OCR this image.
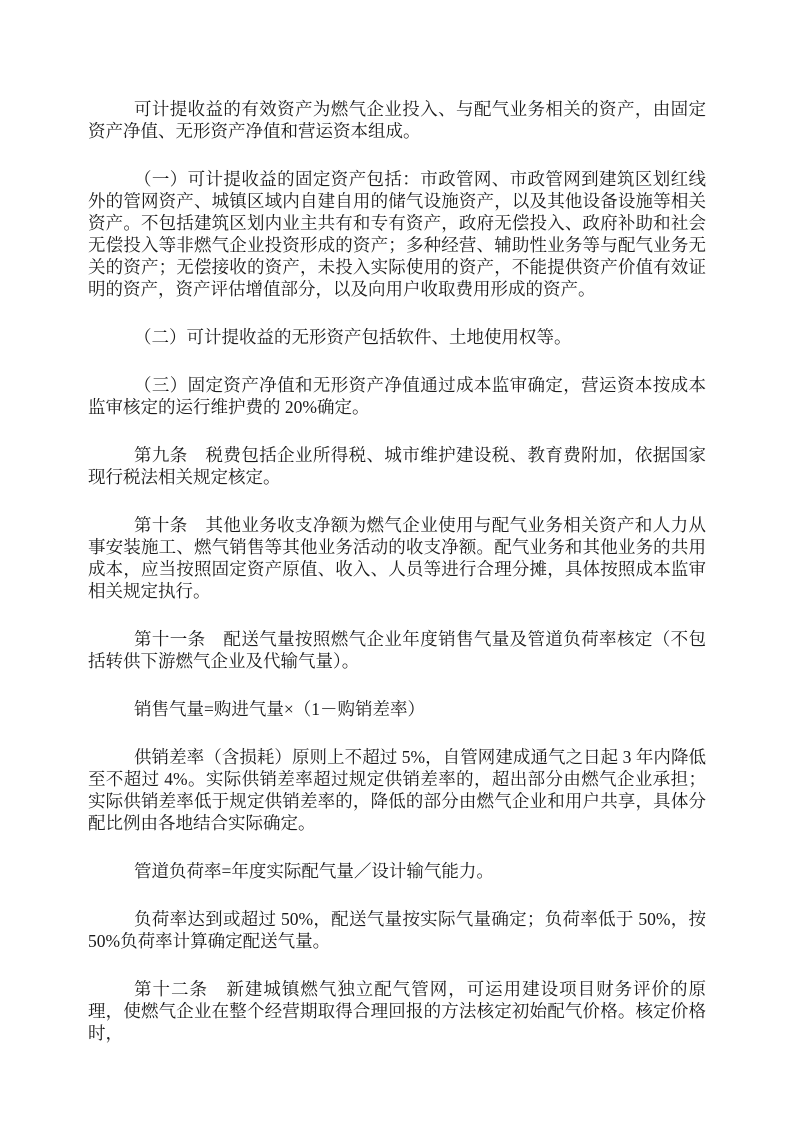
可计提收益的有效资产为燃气企业投入、与配气业务相关的资产，由固定资产净值、无形资产净值和营运资本组成。

（一）可计提收益的固定资产包括：市政管网、市政管网到建筑区划红线外的管网资产、城镇区域内自建自用的储气设施资产，以及其他设备设施等相关资产。不包括建筑区划内业主共有和专有资产，政府无偿投入、政府补助和社会无偿投入等非燃气企业投资形成的资产；多种经营、辅助性业务等与配气业务无关的资产；无偿接收的资产，未投入实际使用的资产，不能提供资产价值有效证明的资产，资产评估增值部分，以及向用户收取费用形成的资产。

（二）可计提收益的无形资产包括软件、土地使用权等。

（三）固定资产净值和无形资产净值通过成本监审确定，营运资本按成本监审核定的运行维护费的 20%确定。

第九条　税费包括企业所得税、城市维护建设税、教育费附加，依据国家现行税法相关规定核定。

第十条　其他业务收支净额为燃气企业使用与配气业务相关资产和人力从事安装施工、燃气销售等其他业务活动的收支净额。配气业务和其他业务的共用成本，应当按照固定资产原值、收入、人员等进行合理分摊，具体按照成本监审相关规定执行。

第十一条　配送气量按照燃气企业年度销售气量及管道负荷率核定（不包括转供下游燃气企业及代输气量）。

销售气量=购进气量×（1－购销差率）

供销差率（含损耗）原则上不超过 5%，自管网建成通气之日起 3 年内降低至不超过 4%。实际供销差率超过规定供销差率的，超出部分由燃气企业承担；实际供销差率低于规定供销差率的，降低的部分由燃气企业和用户共享，具体分配比例由各地结合实际确定。

管道负荷率=年度实际配气量／设计输气能力。

负荷率达到或超过 50%，配送气量按实际气量确定；负荷率低于 50%，按 50%负荷率计算确定配送气量。

第十二条　新建城镇燃气独立配气管网，可运用建设项目财务评价的原理，使燃气企业在整个经营期取得合理回报的方法核定初始配气价格。核定价格时，
